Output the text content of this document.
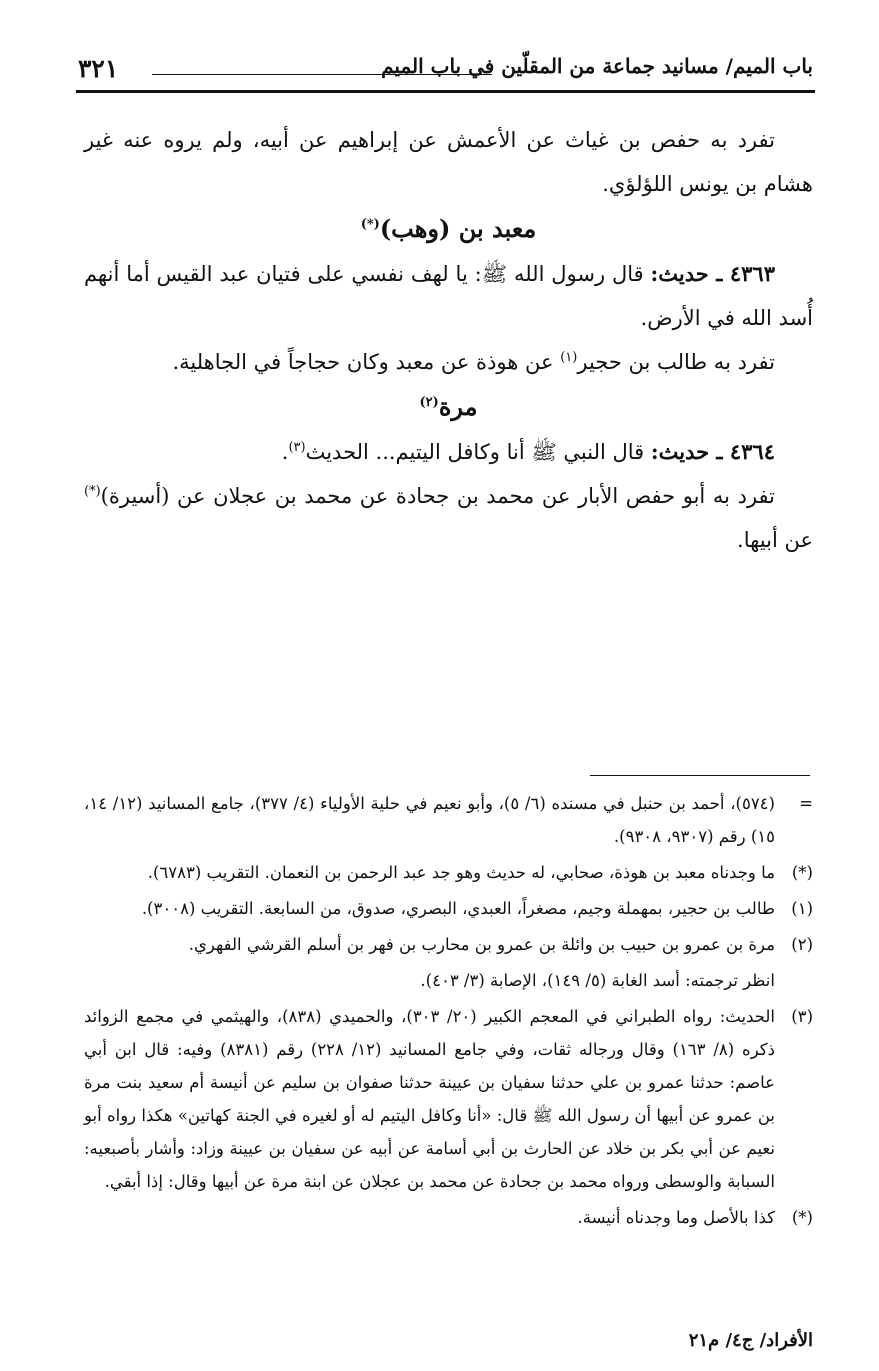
٣٢١	باب الميم/ مسانيد جماعة من المقلّين في باب الميم

تفرد به حفص بن غياث عن الأعمش عن إبراهيم عن أبيه، ولم يروه عنه غير هشام بن يونس اللؤلؤي.

معبد بن (وهب)(*)

٤٣٦٣ ـ حديث: قال رسول الله ﷺ: يا لهف نفسي على فتيان عبد القيس أما أنهم أُسد الله في الأرض.

تفرد به طالب بن حجير$^{(١)}$ عن هوذة عن معبد وكان حجاجاً في الجاهلية.

مرة$^{(٢)}$

٤٣٦٤ ـ حديث: قال النبي ﷺ أنا وكافل اليتيم... الحديث$^{(٣)}$.

تفرد به أبو حفص الأبار عن محمد بن جحادة عن محمد بن عجلان عن (أسيرة)(*) عن أبيها.

=
(٥٧٤)، أحمد بن حنبل في مسنده (٦/ ٥)، وأبو نعيم في حلية الأولياء (٤/ ٣٧٧)، جامع المسانيد (١٢/ ١٤، ١٥) رقم (٩٣٠٧، ٩٣٠٨).
(*)
ما وجدناه معبد بن هوذة، صحابي، له حديث وهو جد عبد الرحمن بن النعمان. التقريب (٦٧٨٣).
(١)
طالب بن حجير، بمهملة وجيم، مصغراً، العبدي، البصري، صدوق، من السابعة. التقريب (٣٠٠٨).
(٢)
مرة بن عمرو بن حبيب بن وائلة بن عمرو بن محارب بن فهر بن أسلم القرشي الفهري.
انظر ترجمته: أسد الغابة (٥/ ١٤٩)، الإصابة (٣/ ٤٠٣).
(٣)
الحديث: رواه الطبراني في المعجم الكبير (٢٠/ ٣٠٣)، والحميدي (٨٣٨)، والهيثمي في مجمع الزوائد ذكره (٨/ ١٦٣) وقال ورجاله ثقات، وفي جامع المسانيد (١٢/ ٢٢٨) رقم (٨٣٨١) وفيه: قال ابن أبي عاصم: حدثنا عمرو بن علي حدثنا سفيان بن عيينة حدثنا صفوان بن سليم عن أنيسة أم سعيد بنت مرة بن عمرو عن أبيها أن رسول الله ﷺ قال: «أنا وكافل اليتيم له أو لغيره في الجنة كهاتين» هكذا رواه أبو نعيم عن أبي بكر بن خلاد عن الحارث بن أبي أسامة عن أبيه عن سفيان بن عيينة وزاد: وأشار بأصبعيه: السبابة والوسطى ورواه محمد بن جحادة عن محمد بن عجلان عن ابنة مرة عن أبيها وقال: إذا أبقي.
(*)
كذا بالأصل وما وجدناه أنيسة.
الأفراد/ ج٤/ م٢١
